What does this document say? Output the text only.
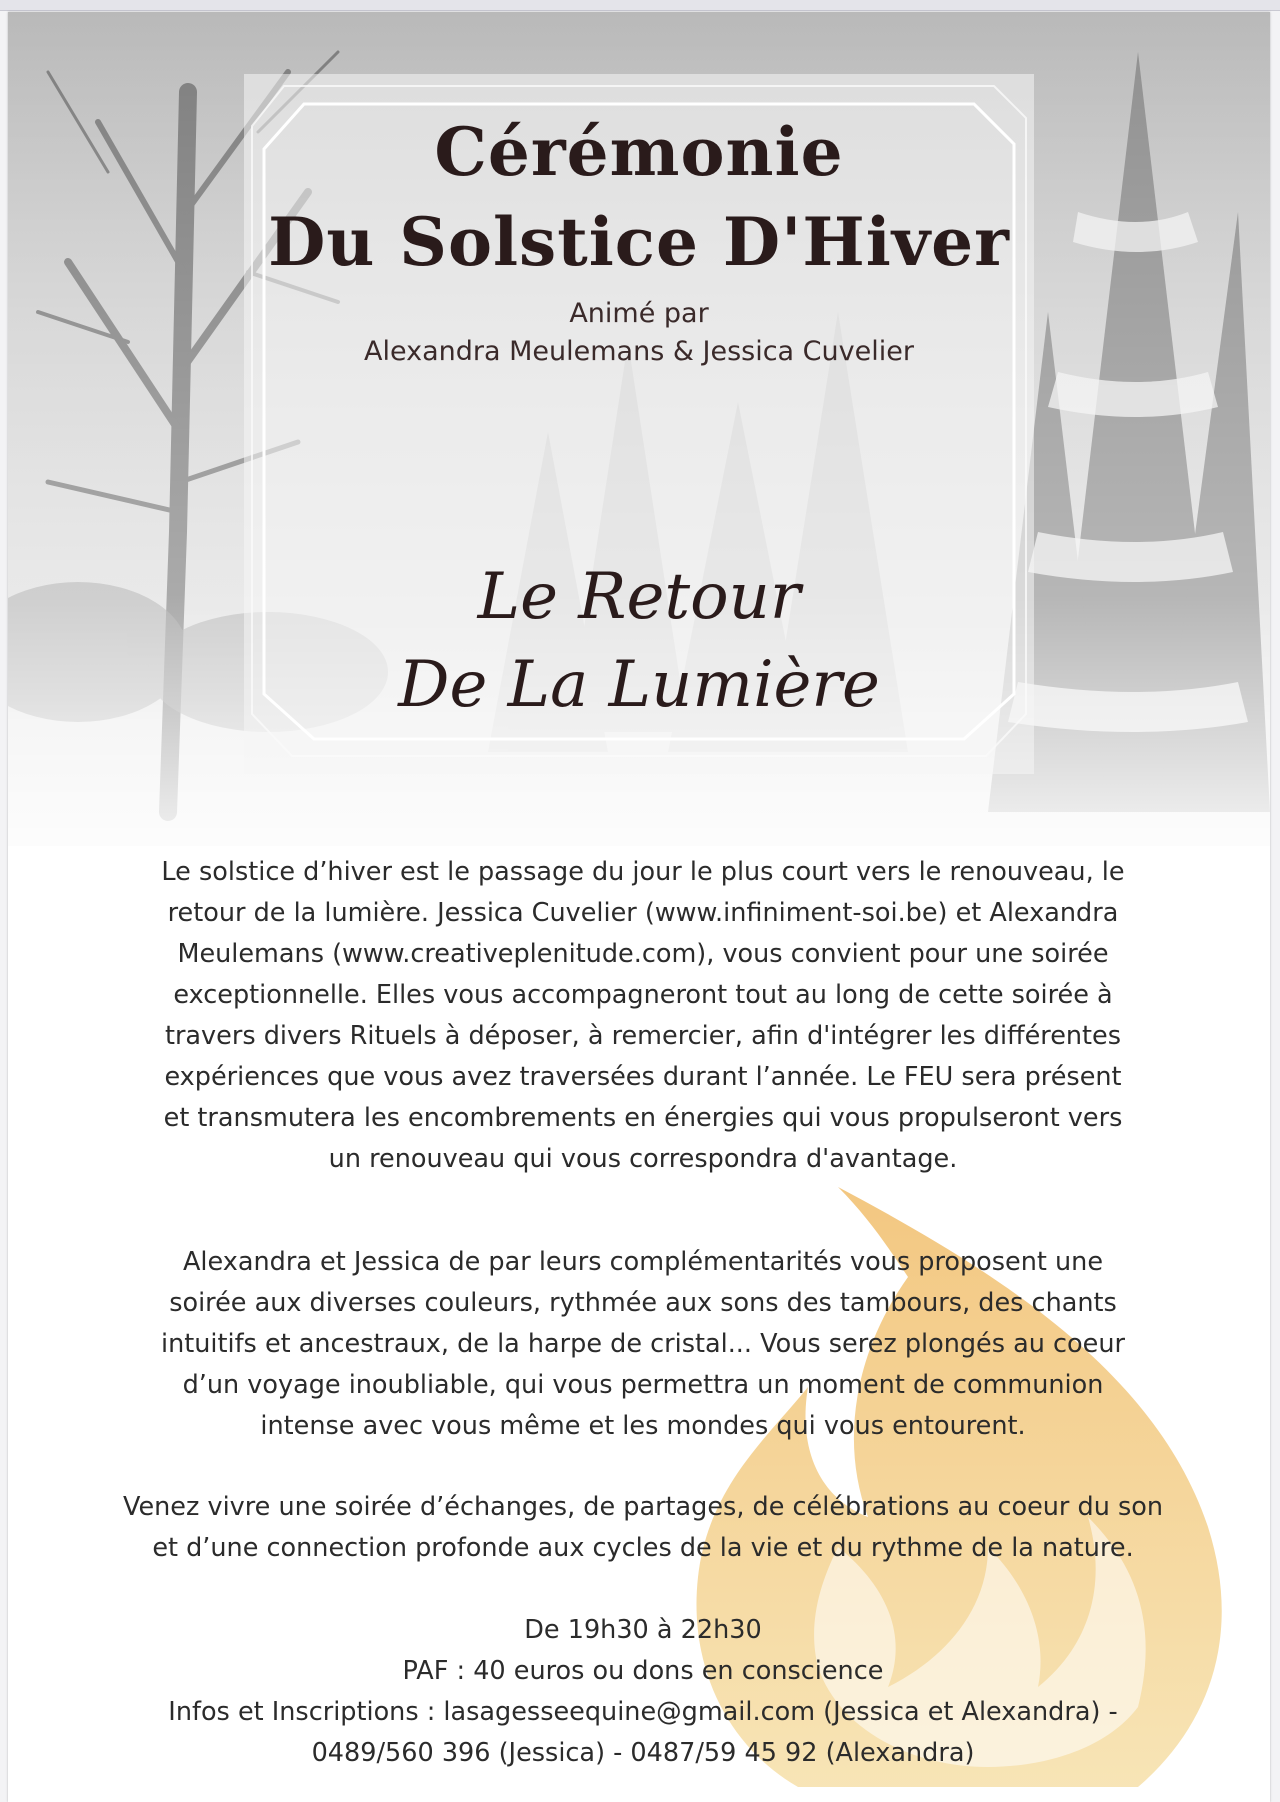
Cérémonie
Du Solstice D'Hiver
Animé par
Alexandra Meulemans & Jessica Cuvelier
Le Retour
De La Lumière
Le solstice d’hiver est le passage du jour le plus court vers le renouveau, le
retour de la lumière. Jessica Cuvelier (www.infiniment-soi.be) et Alexandra
Meulemans (www.creativeplenitude.com), vous convient pour une soirée
exceptionnelle. Elles vous accompagneront tout au long de cette soirée à
travers divers Rituels à déposer, à remercier, afin d'intégrer les différentes
expériences que vous avez traversées durant l’année. Le FEU sera présent
et transmutera les encombrements en énergies qui vous propulseront vers
un renouveau qui vous correspondra d'avantage.
Alexandra et Jessica de par leurs complémentarités vous proposent une
soirée aux diverses couleurs, rythmée aux sons des tambours, des chants
intuitifs et ancestraux, de la harpe de cristal... Vous serez plongés au coeur
d’un voyage inoubliable, qui vous permettra un moment de communion
intense avec vous même et les mondes qui vous entourent.
Venez vivre une soirée d’échanges, de partages, de célébrations au coeur du son
et d’une connection profonde aux cycles de la vie et du rythme de la nature.
De 19h30 à 22h30
PAF : 40 euros ou dons en conscience
Infos et Inscriptions : lasagesseequine@gmail.com (Jessica et Alexandra) -
0489/560 396 (Jessica) - 0487/59 45 92 (Alexandra)
